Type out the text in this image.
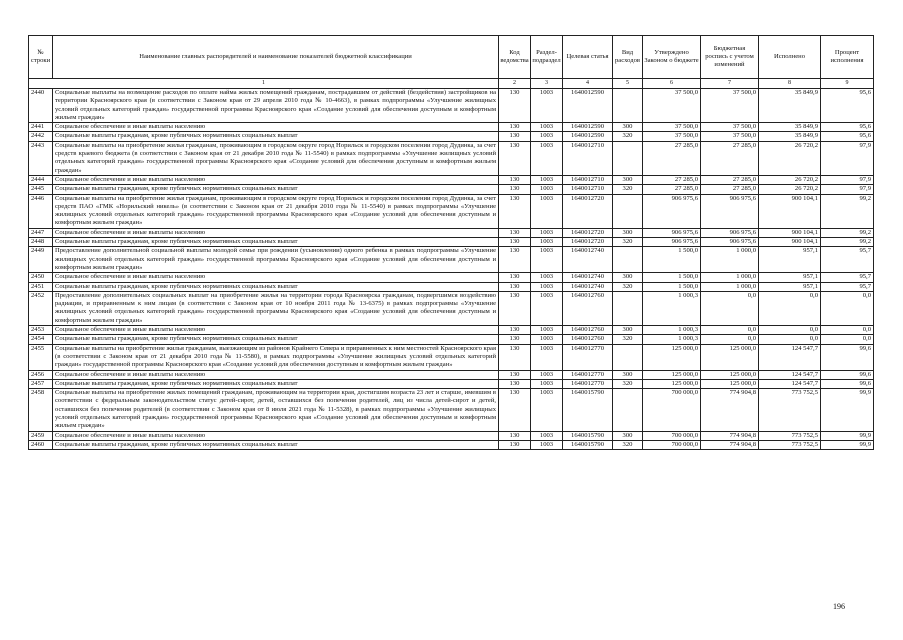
№ строки	Наименование главных распорядителей и наименование показателей бюджетной классификации	Код ведомства	Раздел-подраздел	Целевая статья	Вид расходов	Утверждено Законом о бюджете	Бюджетная роспись с учетом изменений	Исполнено	Процент исполнения
1		2	3	4	5	6	7	8	9
2440	Социальные выплаты на возмещение расходов по оплате найма жилых помещений гражданам, пострадавшим от действий (бездействия) застройщиков на территории Красноярского края (в соответствии с Законом края от 29 апреля 2010 года № 10-4663), в рамках подпрограммы «Улучшение жилищных условий отдельных категорий граждан» государственной программы Красноярского края «Создание условий для обеспечения доступным и комфортным жильем граждан»	130	1003	1640012590		37 500,0	37 500,0	35 849,9	95,6
2441	Социальное обеспечение и иные выплаты населению	130	1003	1640012590	300	37 500,0	37 500,0	35 849,9	95,6
2442	Социальные выплаты гражданам, кроме публичных нормативных социальных выплат	130	1003	1640012590	320	37 500,0	37 500,0	35 849,9	95,6
2443	Социальные выплаты на приобретение жилья гражданам, проживающим в городском округе город Норильск и городском поселении город Дудинка, за счет средств краевого бюджета (в соответствии с Законом края от 21 декабря 2010 года № 11-5540) в рамках подпрограммы «Улучшение жилищных условий отдельных категорий граждан» государственной программы Красноярского края «Создание условий для обеспечения доступным и комфортным жильем граждан»	130	1003	1640012710		27 285,0	27 285,0	26 720,2	97,9
2444	Социальное обеспечение и иные выплаты населению	130	1003	1640012710	300	27 285,0	27 285,0	26 720,2	97,9
2445	Социальные выплаты гражданам, кроме публичных нормативных социальных выплат	130	1003	1640012710	320	27 285,0	27 285,0	26 720,2	97,9
2446	Социальные выплаты на приобретение жилья гражданам, проживающим в городском округе город Норильск и городском поселении город Дудинка, за счет средств ПАО «ГМК «Норильский никель» (в соответствии с Законом края от 21 декабря 2010 года № 11-5540) в рамках подпрограммы «Улучшение жилищных условий отдельных категорий граждан» государственной программы Красноярского края «Создание условий для обеспечения доступным и комфортным жильем граждан»	130	1003	1640012720		906 975,6	906 975,6	900 104,1	99,2
2447	Социальное обеспечение и иные выплаты населению	130	1003	1640012720	300	906 975,6	906 975,6	900 104,1	99,2
2448	Социальные выплаты гражданам, кроме публичных нормативных социальных выплат	130	1003	1640012720	320	906 975,6	906 975,6	900 104,1	99,2
2449	Предоставление дополнительной социальной выплаты молодой семье при рождении (усыновлении) одного ребенка в рамках подпрограммы «Улучшение жилищных условий отдельных категорий граждан» государственной программы Красноярского края «Создание условий для обеспечения доступным и комфортным жильем граждан»	130	1003	1640012740		1 500,0	1 000,0	957,1	95,7
2450	Социальное обеспечение и иные выплаты населению	130	1003	1640012740	300	1 500,0	1 000,0	957,1	95,7
2451	Социальные выплаты гражданам, кроме публичных нормативных социальных выплат	130	1003	1640012740	320	1 500,0	1 000,0	957,1	95,7
2452	Предоставление дополнительных социальных выплат на приобретение жилья на территории города Красноярска гражданам, подвергшимся воздействию радиации, и приравненным к ним лицам (в соответствии с Законом края от 10 ноября 2011 года № 13-6375) в рамках подпрограммы «Улучшение жилищных условий отдельных категорий граждан» государственной программы Красноярского края «Создание условий для обеспечения доступным и комфортным жильем граждан»	130	1003	1640012760		1 000,3	0,0	0,0	0,0
2453	Социальное обеспечение и иные выплаты населению	130	1003	1640012760	300	1 000,3	0,0	0,0	0,0
2454	Социальные выплаты гражданам, кроме публичных нормативных социальных выплат	130	1003	1640012760	320	1 000,3	0,0	0,0	0,0
2455	Социальные выплаты на приобретение жилья гражданам, выезжающим из районов Крайнего Севера и приравненных к ним местностей Красноярского края (в соответствии с Законом края от 21 декабря 2010 года № 11-5580), в рамках подпрограммы «Улучшение жилищных условий отдельных категорий граждан» государственной программы Красноярского края «Создание условий для обеспечения доступным и комфортным жильем граждан»	130	1003	1640012770		125 000,0	125 000,0	124 547,7	99,6
2456	Социальное обеспечение и иные выплаты населению	130	1003	1640012770	300	125 000,0	125 000,0	124 547,7	99,6
2457	Социальные выплаты гражданам, кроме публичных нормативных социальных выплат	130	1003	1640012770	320	125 000,0	125 000,0	124 547,7	99,6
2458	Социальные выплаты на приобретение жилых помещений гражданам, проживающим на территории края, достигшим возраста 23 лет и старше, имевшим в соответствии с федеральным законодательством статус детей-сирот, детей, оставшихся без попечения родителей, лиц из числа детей-сирот и детей, оставшихся без попечения родителей (в соответствии с Законом края от 8 июля 2021 года № 11-5328), в рамках подпрограммы «Улучшение жилищных условий отдельных категорий граждан» государственной программы Красноярского края «Создание условий для обеспечения доступным и комфортным жильем граждан»	130	1003	1640015790		700 000,0	774 904,8	773 752,5	99,9
2459	Социальное обеспечение и иные выплаты населению	130	1003	1640015790	300	700 000,0	774 904,8	773 752,5	99,9
2460	Социальные выплаты гражданам, кроме публичных нормативных социальных выплат	130	1003	1640015790	320	700 000,0	774 904,8	773 752,5	99,9
196
